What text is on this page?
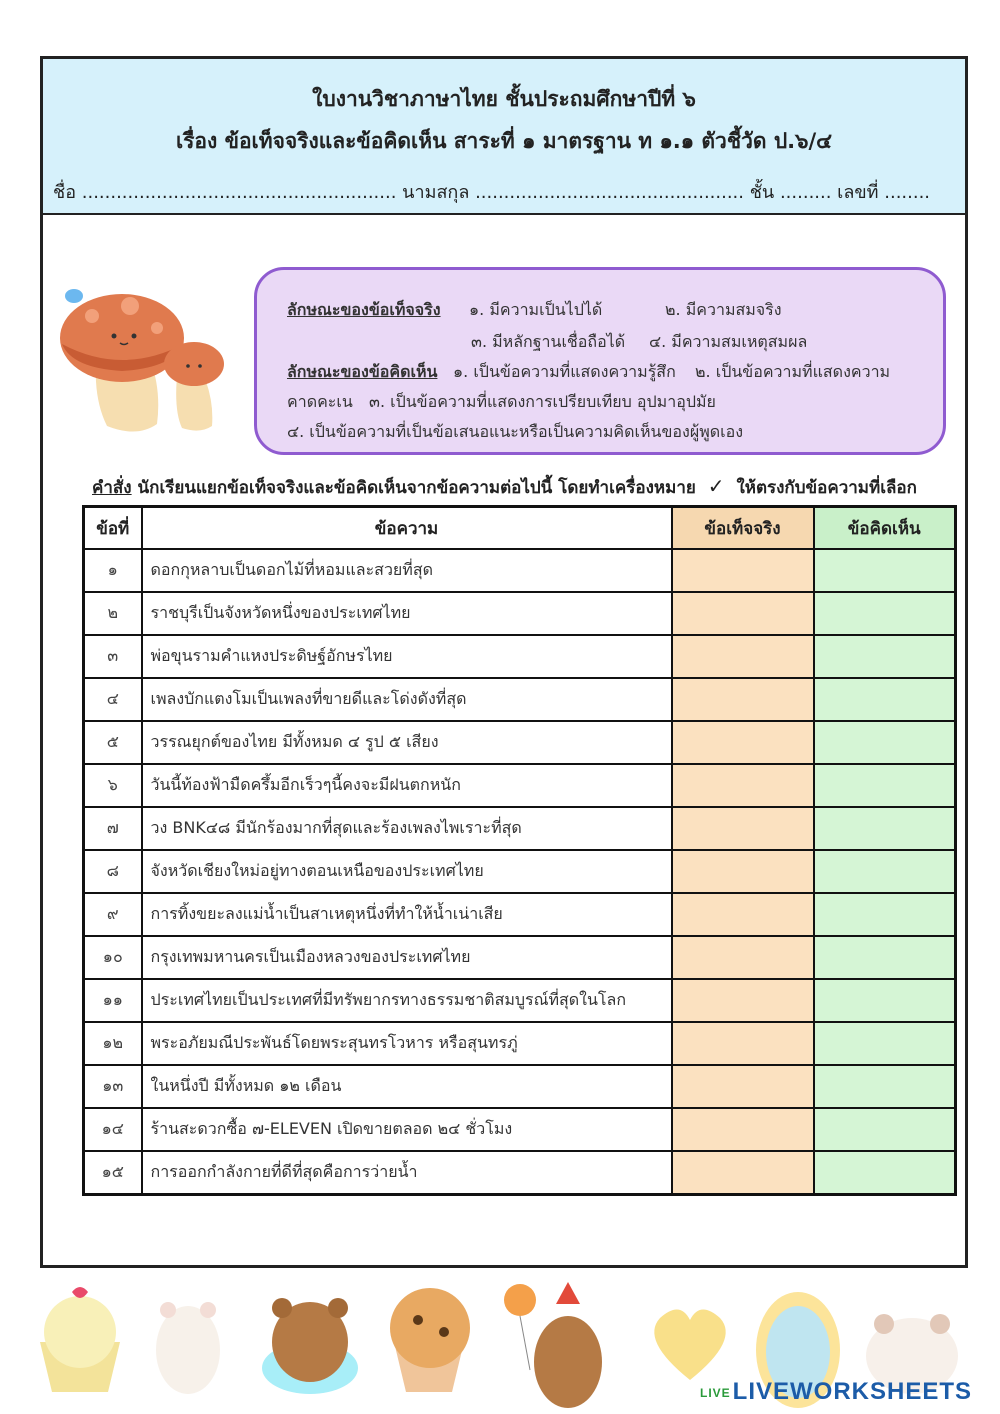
ใบงานวิชาภาษาไทย ชั้นประถมศึกษาปีที่ ๖
เรื่อง ข้อเท็จจริงและข้อคิดเห็น สาระที่ ๑ มาตรฐาน ท ๑.๑ ตัวชี้วัด ป.๖/๔
ชื่อ ....................................................... นามสกุล ............................................... ชั้น ......... เลขที่ ........
ลักษณะของข้อเท็จจริง ๑. มีความเป็นไปได้	๒. มีความสมจริง
๓. มีหลักฐานเชื่อถือได้ ๔. มีความสมเหตุสมผล
ลักษณะของข้อคิดเห็น ๑. เป็นข้อความที่แสดงความรู้สึก ๒. เป็นข้อความที่แสดงความ
คาดคะเน ๓. เป็นข้อความที่แสดงการเปรียบเทียบ อุปมาอุปมัย
๔. เป็นข้อความที่เป็นข้อเสนอแนะหรือเป็นความคิดเห็นของผู้พูดเอง
คำสั่ง นักเรียนแยกข้อเท็จจริงและข้อคิดเห็นจากข้อความต่อไปนี้ โดยทำเครื่องหมาย ✓ ให้ตรงกับข้อความที่เลือก
ข้อที่	ข้อความ	ข้อเท็จจริง	ข้อคิดเห็น
๑	ดอกกุหลาบเป็นดอกไม้ที่หอมและสวยที่สุด		
๒	ราชบุรีเป็นจังหวัดหนึ่งของประเทศไทย		
๓	พ่อขุนรามคำแหงประดิษฐ์อักษรไทย		
๔	เพลงบักแตงโมเป็นเพลงที่ขายดีและโด่งดังที่สุด		
๕	วรรณยุกต์ของไทย มีทั้งหมด ๔ รูป ๕ เสียง		
๖	วันนี้ท้องฟ้ามืดครึ้มอีกเร็วๆนี้คงจะมีฝนตกหนัก		
๗	วง BNK๔๘ มีนักร้องมากที่สุดและร้องเพลงไพเราะที่สุด		
๘	จังหวัดเชียงใหม่อยู่ทางตอนเหนือของประเทศไทย		
๙	การทิ้งขยะลงแม่น้ำเป็นสาเหตุหนึ่งที่ทำให้น้ำเน่าเสีย		
๑๐	กรุงเทพมหานครเป็นเมืองหลวงของประเทศไทย		
๑๑	ประเทศไทยเป็นประเทศที่มีทรัพยากรทางธรรมชาติสมบูรณ์ที่สุดในโลก		
๑๒	พระอภัยมณีประพันธ์โดยพระสุนทรโวหาร หรือสุนทรภู่		
๑๓	ในหนึ่งปี มีทั้งหมด ๑๒ เดือน		
๑๔	ร้านสะดวกซื้อ ๗-ELEVEN เปิดขายตลอด ๒๔ ชั่วโมง		
๑๕	การออกกำลังกายที่ดีที่สุดคือการว่ายน้ำ		
LIVELIVEWORKSHEETS
